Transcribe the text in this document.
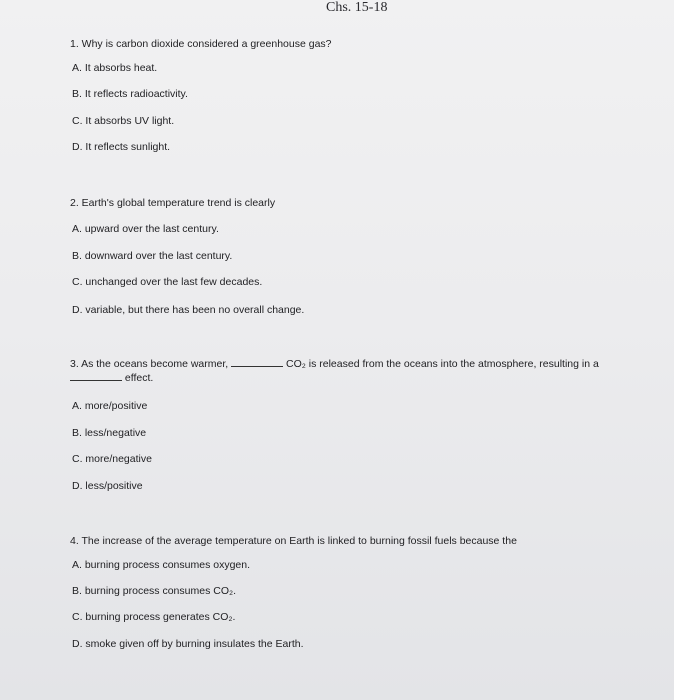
Chs. 15-18
1. Why is carbon dioxide considered a greenhouse gas?
A. It absorbs heat.
B. It reflects radioactivity.
C. It absorbs UV light.
D. It reflects sunlight.
2. Earth's global temperature trend is clearly
A. upward over the last century.
B. downward over the last century.
C. unchanged over the last few decades.
D. variable, but there has been no overall change.
3. As the oceans become warmer,	CO₂ is released from the oceans into the atmosphere, resulting in a
effect.
A. more/positive
B. less/negative
C. more/negative
D. less/positive
4. The increase of the average temperature on Earth is linked to burning fossil fuels because the
A. burning process consumes oxygen.
B. burning process consumes CO₂.
C. burning process generates CO₂.
D. smoke given off by burning insulates the Earth.
